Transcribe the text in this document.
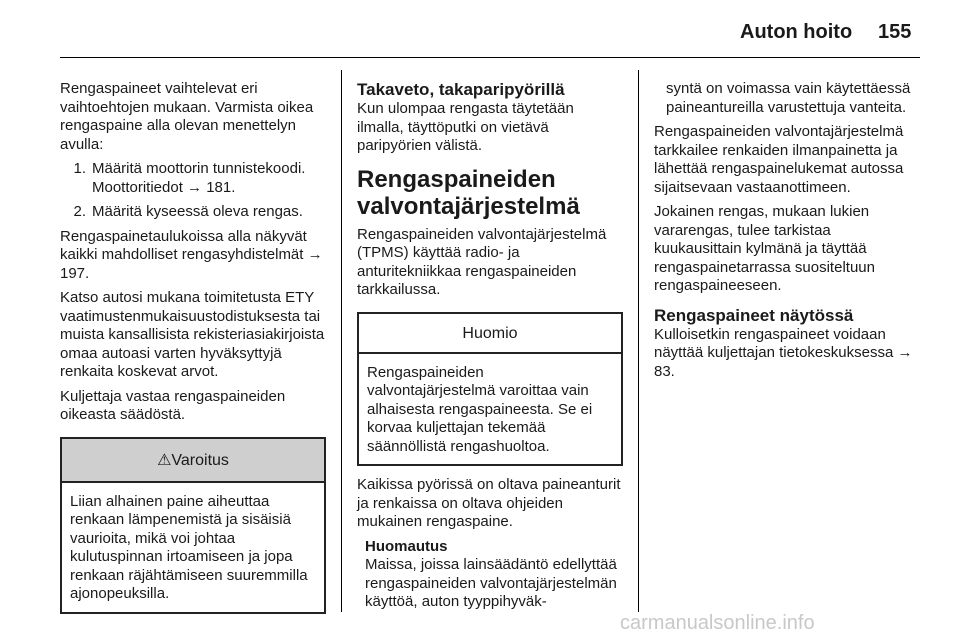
Auton hoito 155

Rengaspaineet vaihtelevat eri vaihtoehtojen mukaan. Varmista oikea rengaspaine alla olevan menettelyn avulla:

1. Määritä moottorin tunnistekoodi. Moottoritiedot → 181.
2. Määritä kyseessä oleva rengas.

Rengaspainetaulukoissa alla näkyvät kaikki mahdolliset rengasyhdistelmät → 197.

Katso autosi mukana toimitetusta ETY vaatimustenmukaisuustodistuksesta tai muista kansallisista rekisteriasiakirjoista omaa autoasi varten hyväksyttyjä renkaita koskevat arvot.

Kuljettaja vastaa rengaspaineiden oikeasta säädöstä.

⚠Varoitus
Liian alhainen paine aiheuttaa renkaan lämpenemistä ja sisäisiä vaurioita, mikä voi johtaa kulutuspinnan irtoamiseen ja jopa renkaan räjähtämiseen suuremmilla ajonopeuksilla.
Takaveto, takaparipyörillä

Kun ulompaa rengasta täytetään ilmalla, täyttöputki on vietävä paripyörien välistä.

Rengaspaineiden valvontajärjestelmä

Rengaspaineiden valvontajärjestelmä (TPMS) käyttää radio- ja anturitekniikkaa rengaspaineiden tarkkailussa.

Huomio
Rengaspaineiden valvontajärjestelmä varoittaa vain alhaisesta rengaspaineesta. Se ei korvaa kuljettajan tekemää säännöllistä rengashuoltoa.

Kaikissa pyörissä on oltava paineanturit ja renkaissa on oltava ohjeiden mukainen rengaspaine.

Huomautus
Maissa, joissa lainsäädäntö edellyttää rengaspaineiden valvontajärjestelmän käyttöä, auton tyyppihyväk-

syntä on voimassa vain käytettäessä paineantureilla varustettuja vanteita.

Rengaspaineiden valvontajärjestelmä tarkkailee renkaiden ilmanpainetta ja lähettää rengaspainelukemat autossa sijaitsevaan vastaanottimeen.

Jokainen rengas, mukaan lukien vararengas, tulee tarkistaa kuukausittain kylmänä ja täyttää rengaspainetarrassa suositeltuun rengaspaineeseen.

Rengaspaineet näytössä

Kulloisetkin rengaspaineet voidaan näyttää kuljettajan tietokeskuksessa → 83.

carmanualsonline.info
